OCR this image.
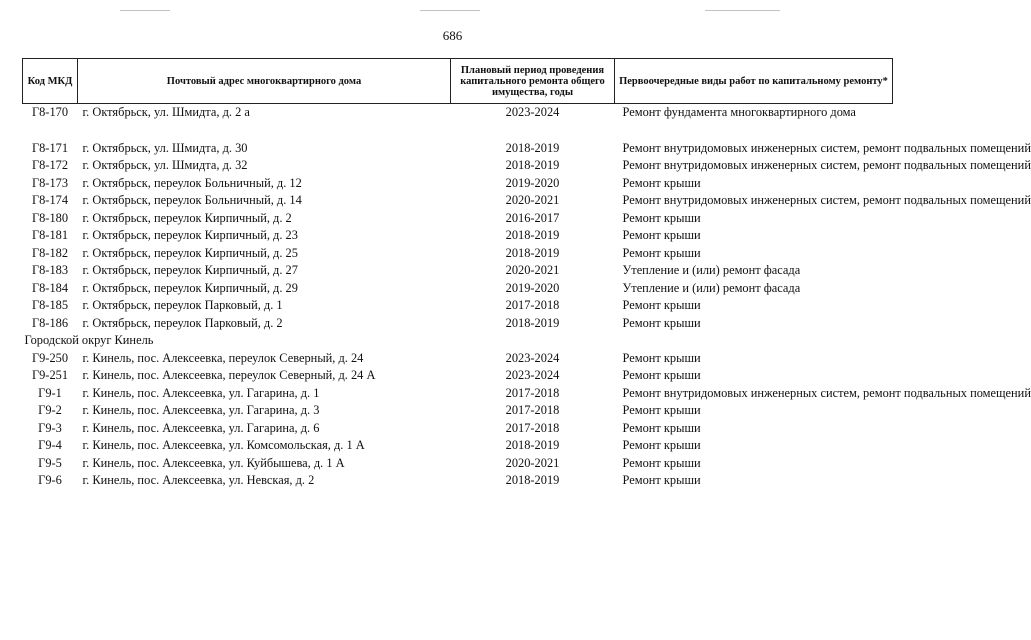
686
Код МКД	Почтовый адрес многоквартирного дома	Плановый период проведения капитального ремонта общего имущества, годы	Первоочередные виды работ по капитальному ремонту*
Г8-170	г. Октябрьск, ул. Шмидта, д. 2 а	2023-2024	Ремонт фундамента многоквартирного дома

Г8-171	г. Октябрьск, ул. Шмидта, д. 30	2018-2019	Ремонт внутридомовых инженерных систем, ремонт подвальных помещений
Г8-172	г. Октябрьск, ул. Шмидта, д. 32	2018-2019	Ремонт внутридомовых инженерных систем, ремонт подвальных помещений
Г8-173	г. Октябрьск, переулок Больничный, д. 12	2019-2020	Ремонт крыши
Г8-174	г. Октябрьск, переулок Больничный, д. 14	2020-2021	Ремонт внутридомовых инженерных систем, ремонт подвальных помещений
Г8-180	г. Октябрьск, переулок Кирпичный, д. 2	2016-2017	Ремонт крыши
Г8-181	г. Октябрьск, переулок Кирпичный, д. 23	2018-2019	Ремонт крыши
Г8-182	г. Октябрьск, переулок Кирпичный, д. 25	2018-2019	Ремонт крыши
Г8-183	г. Октябрьск, переулок Кирпичный, д. 27	2020-2021	Утепление и (или) ремонт фасада
Г8-184	г. Октябрьск, переулок Кирпичный, д. 29	2019-2020	Утепление и (или) ремонт фасада
Г8-185	г. Октябрьск, переулок Парковый, д. 1	2017-2018	Ремонт крыши
Г8-186	г. Октябрьск, переулок Парковый, д. 2	2018-2019	Ремонт крыши
Городской округ Кинель			
Г9-250	г. Кинель, пос. Алексеевка, переулок Северный, д. 24	2023-2024	Ремонт крыши
Г9-251	г. Кинель, пос. Алексеевка, переулок Северный, д. 24 А	2023-2024	Ремонт крыши
Г9-1	г. Кинель, пос. Алексеевка, ул. Гагарина, д. 1	2017-2018	Ремонт внутридомовых инженерных систем, ремонт подвальных помещений
Г9-2	г. Кинель, пос. Алексеевка, ул. Гагарина, д. 3	2017-2018	Ремонт крыши
Г9-3	г. Кинель, пос. Алексеевка, ул. Гагарина, д. 6	2017-2018	Ремонт крыши
Г9-4	г. Кинель, пос. Алексеевка, ул. Комсомольская, д. 1 А	2018-2019	Ремонт крыши
Г9-5	г. Кинель, пос. Алексеевка, ул. Куйбышева, д. 1 А	2020-2021	Ремонт крыши
Г9-6	г. Кинель, пос. Алексеевка, ул. Невская, д. 2	2018-2019	Ремонт крыши
